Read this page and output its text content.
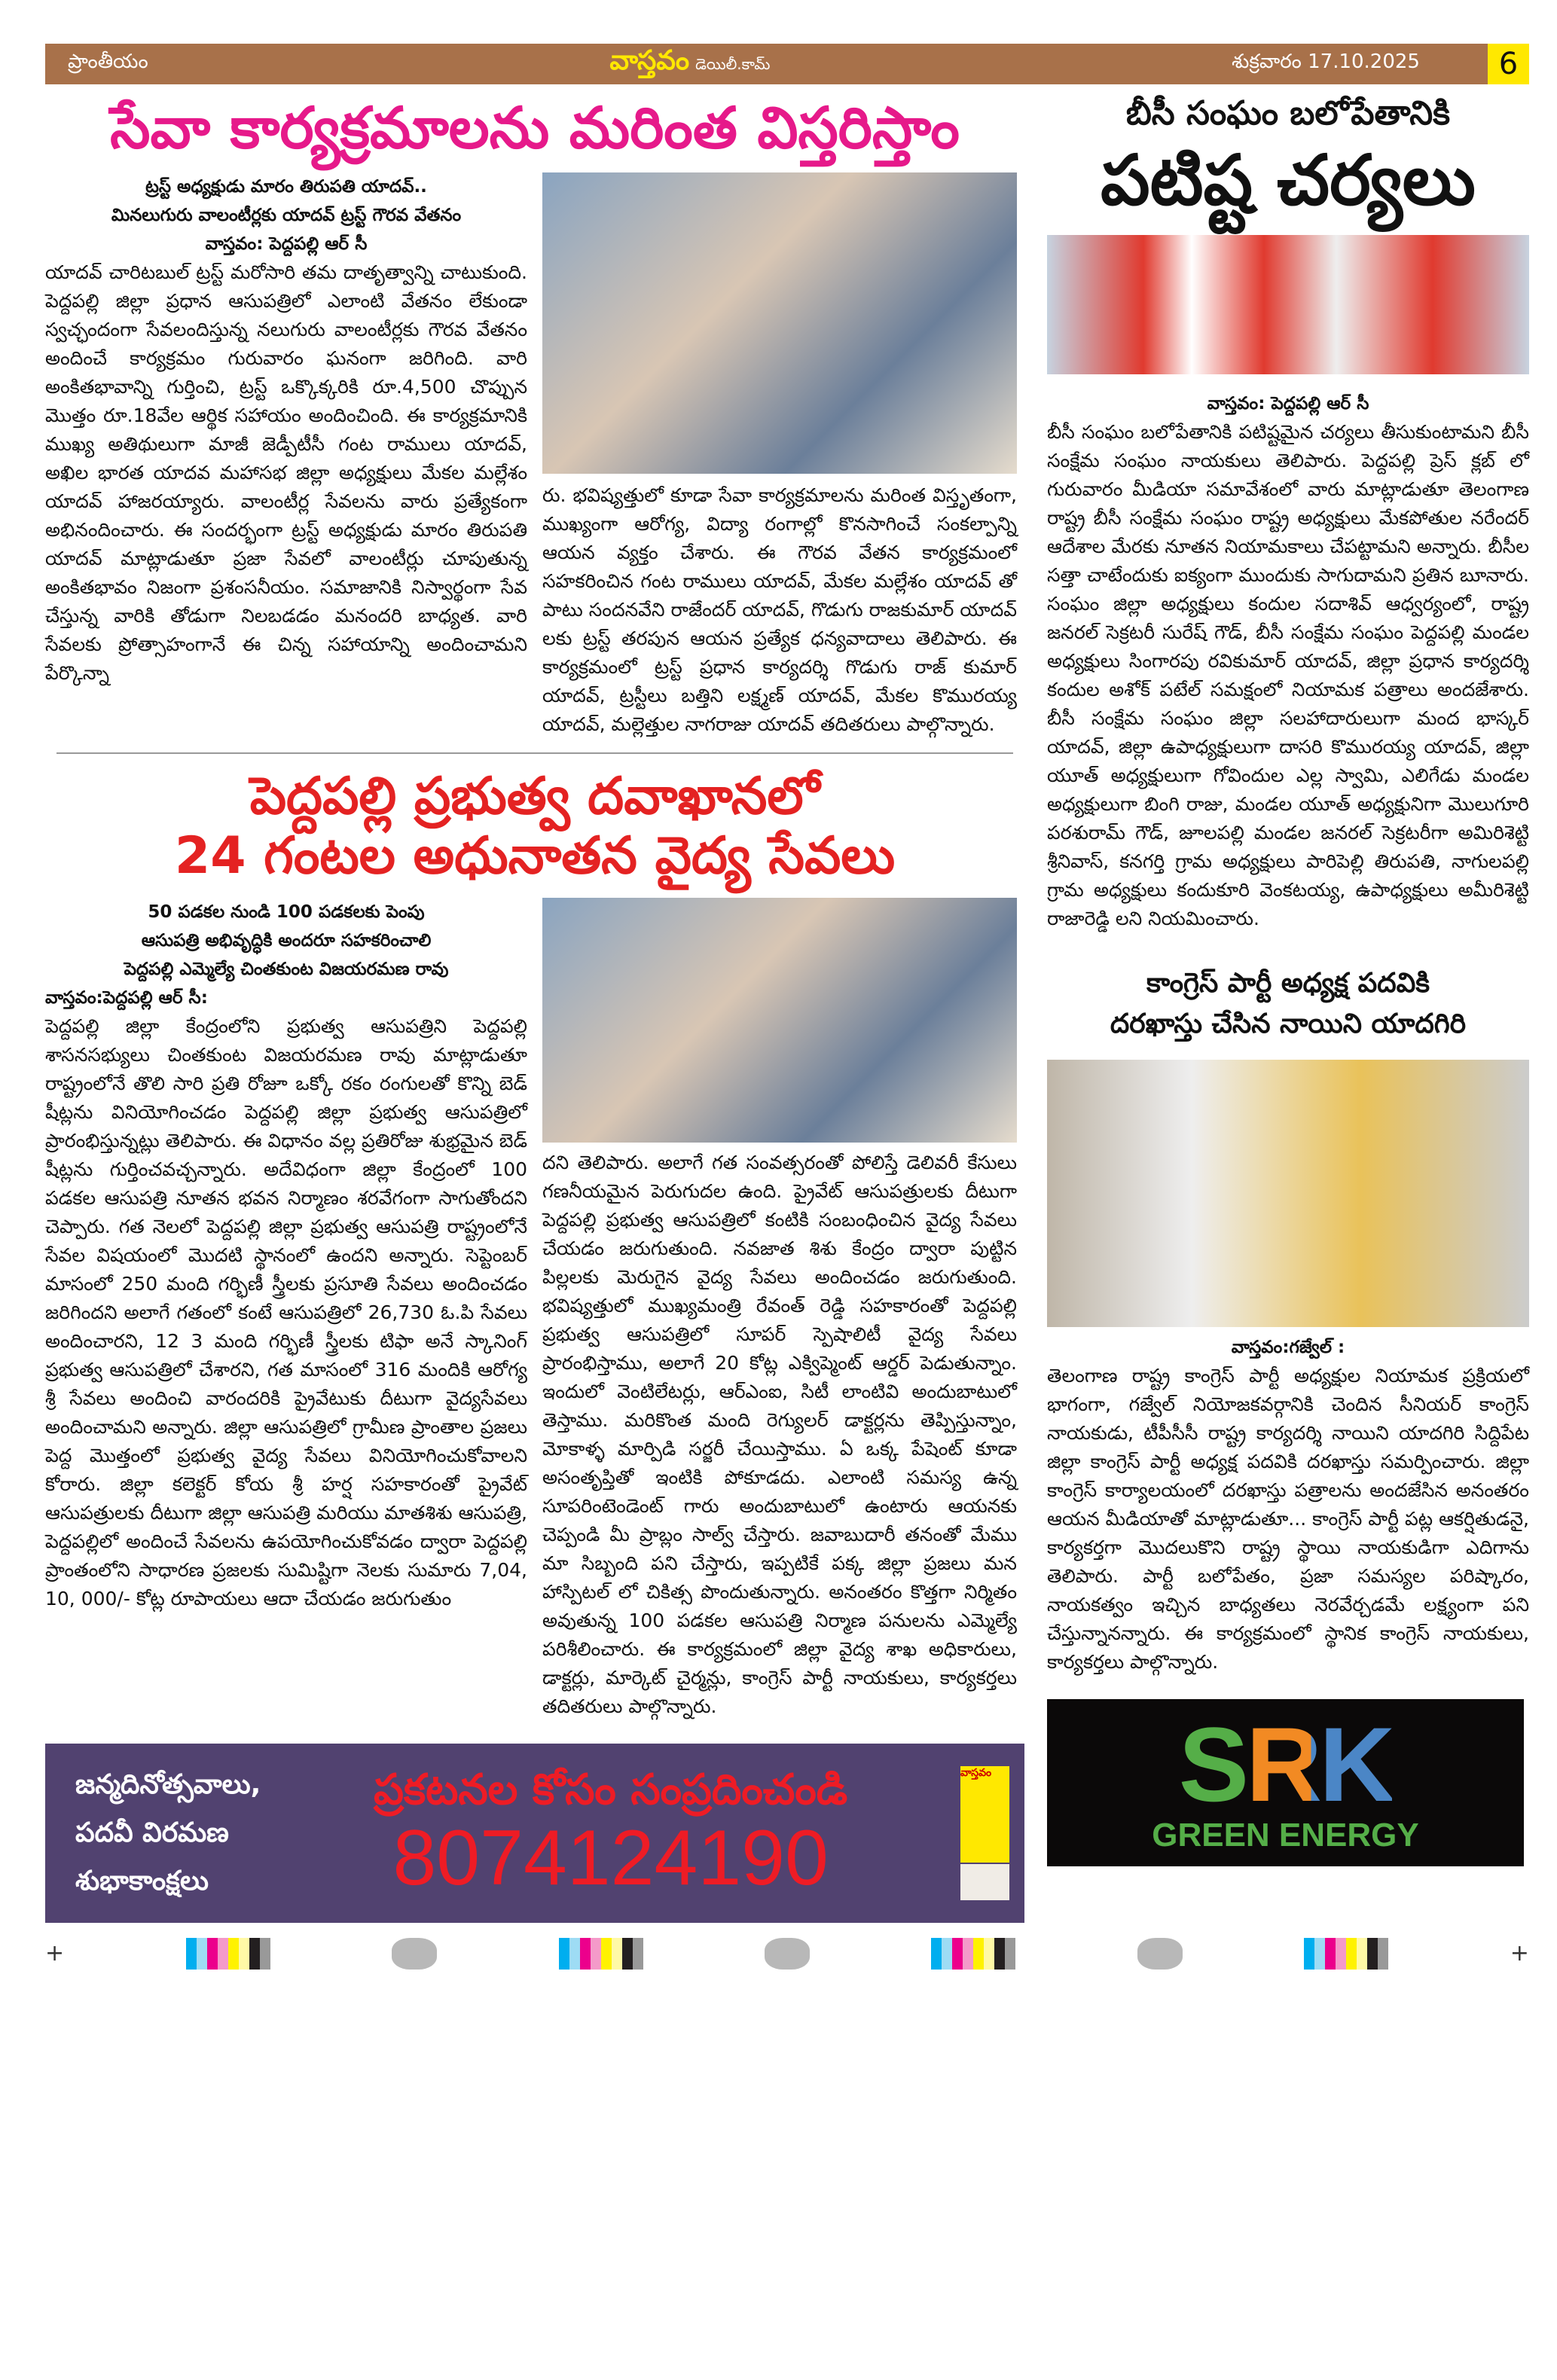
ప్రాంతీయం	వాస్తవం డెయిలీ.కామ్	శుక్రవారం 17.10.2025	6
సేవా కార్యక్రమాలను మరింత విస్తరిస్తాం
ట్రస్ట్ అధ్యక్షుడు మారం తిరుపతి యాదవ్..
మినలుగురు వాలంటీర్లకు యాదవ్ ట్రస్ట్ గౌరవ వేతనం
వాస్తవం: పెద్దపల్లి ఆర్ సీ
యాదవ్ చారిటబుల్ ట్రస్ట్ మరోసారి తమ దాతృత్వాన్ని చాటుకుంది. పెద్దపల్లి జిల్లా ప్రధాన ఆసుపత్రిలో ఎలాంటి వేతనం లేకుండా స్వచ్ఛందంగా సేవలందిస్తున్న నలుగురు వాలంటీర్లకు గౌరవ వేతనం అందించే కార్యక్రమం గురువారం ఘనంగా జరిగింది. వారి అంకితభావాన్ని గుర్తించి, ట్రస్ట్ ఒక్కొక్కరికి రూ.4,500 చొప్పున మొత్తం రూ.18వేల ఆర్థిక సహాయం అందించింది. ఈ కార్యక్రమానికి ముఖ్య అతిథులుగా మాజీ జెడ్పీటీసీ గంట రాములు యాదవ్, అఖిల భారత యాదవ మహాసభ జిల్లా అధ్యక్షులు మేకల మల్లేశం యాదవ్ హాజరయ్యారు. వాలంటీర్ల సేవలను వారు ప్రత్యేకంగా అభినందించారు. ఈ సందర్భంగా ట్రస్ట్ అధ్యక్షుడు మారం తిరుపతి యాదవ్ మాట్లాడుతూ ప్రజా సేవలో వాలంటీర్లు చూపుతున్న అంకితభావం నిజంగా ప్రశంసనీయం. సమాజానికి నిస్వార్థంగా సేవ చేస్తున్న వారికి తోడుగా నిలబడడం మనందరి బాధ్యత. వారి సేవలకు ప్రోత్సాహంగానే ఈ చిన్న సహాయాన్ని అందించామని పేర్కొన్నా
రు. భవిష్యత్తులో కూడా సేవా కార్యక్రమాలను మరింత విస్తృతంగా, ముఖ్యంగా ఆరోగ్య, విద్యా రంగాల్లో కొనసాగించే సంకల్పాన్ని ఆయన వ్యక్తం చేశారు. ఈ గౌరవ వేతన కార్యక్రమంలో సహకరించిన గంట రాములు యాదవ్, మేకల మల్లేశం యాదవ్ తో పాటు సందనవేని రాజేందర్ యాదవ్, గొడుగు రాజకుమార్ యాదవ్ లకు ట్రస్ట్ తరపున ఆయన ప్రత్యేక ధన్యవాదాలు తెలిపారు. ఈ కార్యక్రమంలో ట్రస్ట్ ప్రధాన కార్యదర్శి గొడుగు రాజ్ కుమార్ యాదవ్, ట్రస్టీలు బత్తిని లక్ష్మణ్ యాదవ్, మేకల కొమురయ్య యాదవ్, మల్లెత్తుల నాగరాజు యాదవ్ తదితరులు పాల్గొన్నారు.
పెద్దపల్లి ప్రభుత్వ దవాఖానలో
24 గంటల అధునాతన వైద్య సేవలు
50 పడకల నుండి 100 పడకలకు పెంపు
ఆసుపత్రి అభివృద్ధికి అందరూ సహకరించాలి
పెద్దపల్లి ఎమ్మెల్యే చింతకుంట విజయరమణ రావు
వాస్తవం:పెద్దపల్లి ఆర్ సీ:
పెద్దపల్లి జిల్లా కేంద్రంలోని ప్రభుత్వ ఆసుపత్రిని పెద్దపల్లి శాసనసభ్యులు చింతకుంట విజయరమణ రావు మాట్లాడుతూ రాష్ట్రంలోనే తొలి సారి ప్రతి రోజూ ఒక్కో రకం రంగులతో కొన్ని బెడ్ షీట్లను వినియోగించడం పెద్దపల్లి జిల్లా ప్రభుత్వ ఆసుపత్రిలో ప్రారంభిస్తున్నట్లు తెలిపారు. ఈ విధానం వల్ల ప్రతిరోజు శుభ్రమైన బెడ్ షీట్లను గుర్తించవచ్చన్నారు. అదేవిధంగా జిల్లా కేంద్రంలో 100 పడకల ఆసుపత్రి నూతన భవన నిర్మాణం శరవేగంగా సాగుతోందని చెప్పారు. గత నెలలో పెద్దపల్లి జిల్లా ప్రభుత్వ ఆసుపత్రి రాష్ట్రంలోనే సేవల విషయంలో మొదటి స్థానంలో ఉందని అన్నారు. సెప్టెంబర్ మాసంలో 250 మంది గర్భిణీ స్త్రీలకు ప్రసూతి సేవలు అందించడం జరిగిందని అలాగే గతంలో కంటే ఆసుపత్రిలో 26,730 ఓ.పి సేవలు అందించారని, 12 3 మంది గర్భిణీ స్త్రీలకు టిఫా అనే స్కానింగ్ ప్రభుత్వ ఆసుపత్రిలో చేశారని, గత మాసంలో 316 మందికి ఆరోగ్య శ్రీ సేవలు అందించి వారందరికి ప్రైవేటుకు దీటుగా వైద్యసేవలు అందించామని అన్నారు. జిల్లా ఆసుపత్రిలో గ్రామీణ ప్రాంతాల ప్రజలు పెద్ద మొత్తంలో ప్రభుత్వ వైద్య సేవలు వినియోగించుకోవాలని కోరారు. జిల్లా కలెక్టర్ కోయ శ్రీ హర్ష సహకారంతో ప్రైవేట్ ఆసుపత్రులకు దీటుగా జిల్లా ఆసుపత్రి మరియు మాతశిశు ఆసుపత్రి, పెద్దపల్లిలో అందించే సేవలను ఉపయోగించుకోవడం ద్వారా పెద్దపల్లి ప్రాంతంలోని సాధారణ ప్రజలకు సుమిష్టిగా నెలకు సుమారు 7,04, 10, 000/- కోట్ల రూపాయలు ఆదా చేయడం జరుగుతుం
దని తెలిపారు. అలాగే గత సంవత్సరంతో పోలిస్తే డెలివరీ కేసులు గణనీయమైన పెరుగుదల ఉంది. ప్రైవేట్ ఆసుపత్రులకు దీటుగా పెద్దపల్లి ప్రభుత్వ ఆసుపత్రిలో కంటికి సంబంధించిన వైద్య సేవలు చేయడం జరుగుతుంది. నవజాత శిశు కేంద్రం ద్వారా పుట్టిన పిల్లలకు మెరుగైన వైద్య సేవలు అందించడం జరుగుతుంది. భవిష్యత్తులో ముఖ్యమంత్రి రేవంత్ రెడ్డి సహకారంతో పెద్దపల్లి ప్రభుత్వ ఆసుపత్రిలో సూపర్ స్పెషాలిటీ వైద్య సేవలు ప్రారంభిస్తాము, అలాగే 20 కోట్ల ఎక్విప్మెంట్ ఆర్డర్ పెడుతున్నాం. ఇందులో వెంటిలేటర్లు, ఆర్ఎంఐ, సిటీ లాంటివి అందుబాటులో తెస్తాము. మరికొంత మంది రెగ్యులర్ డాక్టర్లను తెప్పిస్తున్నాం, మోకాళ్ళ మార్పిడి సర్జరీ చేయిస్తాము. ఏ ఒక్క పేషెంట్ కూడా అసంతృప్తితో ఇంటికి పోకూడదు. ఎలాంటి సమస్య ఉన్న సూపరింటెండెంట్ గారు అందుబాటులో ఉంటారు ఆయనకు చెప్పండి మీ ప్రాబ్లం సాల్వ్ చేస్తారు. జవాబుదారీ తనంతో మేము మా సిబ్బంది పని చేస్తారు, ఇప్పటికే పక్క జిల్లా ప్రజలు మన హాస్పిటల్ లో చికిత్స పొందుతున్నారు. అనంతరం కొత్తగా నిర్మితం అవుతున్న 100 పడకల ఆసుపత్రి నిర్మాణ పనులను ఎమ్మెల్యే పరిశీలించారు. ఈ కార్యక్రమంలో జిల్లా వైద్య శాఖ అధికారులు, డాక్టర్లు, మార్కెట్ చైర్మన్లు, కాంగ్రెస్ పార్టీ నాయకులు, కార్యకర్తలు తదితరులు పాల్గొన్నారు.
జన్మదినోత్సవాలు,
పదవీ విరమణ
శుభాకాంక్షలు
ప్రకటనల కోసం సంప్రదించండి
8074124190
వాస్తవం
బీసీ సంఘం బలోపేతానికి
పటిష్ట చర్యలు
వాస్తవం: పెద్దపల్లి ఆర్ సీ
బీసీ సంఘం బలోపేతానికి పటిష్టమైన చర్యలు తీసుకుంటామని బీసీ సంక్షేమ సంఘం నాయకులు తెలిపారు. పెద్దపల్లి ప్రెస్ క్లబ్ లో గురువారం మీడియా సమావేశంలో వారు మాట్లాడుతూ తెలంగాణ రాష్ట్ర బీసీ సంక్షేమ సంఘం రాష్ట్ర అధ్యక్షులు మేకపోతుల నరేందర్ ఆదేశాల మేరకు నూతన నియామకాలు చేపట్టామని అన్నారు. బీసీల సత్తా చాటేందుకు ఐక్యంగా ముందుకు సాగుదామని ప్రతిన బూనారు. సంఘం జిల్లా అధ్యక్షులు కందుల సదాశివ్ ఆధ్వర్యంలో, రాష్ట్ర జనరల్ సెక్రటరీ సురేష్ గౌడ్, బీసీ సంక్షేమ సంఘం పెద్దపల్లి మండల అధ్యక్షులు సింగారపు రవికుమార్ యాదవ్, జిల్లా ప్రధాన కార్యదర్శి కందుల అశోక్ పటేల్ సమక్షంలో నియామక పత్రాలు అందజేశారు. బీసీ సంక్షేమ సంఘం జిల్లా సలహాదారులుగా మంద భాస్కర్ యాదవ్, జిల్లా ఉపాధ్యక్షులుగా దాసరి కొమురయ్య యాదవ్, జిల్లా యూత్ అధ్యక్షులుగా గోవిందుల ఎల్ల స్వామి, ఎలిగేడు మండల అధ్యక్షులుగా బింగి రాజు, మండల యూత్ అధ్యక్షునిగా మొలుగూరి పరశురామ్ గౌడ్, జూలపల్లి మండల జనరల్ సెక్రటరీగా అమిరిశెట్టి శ్రీనివాస్, కనగర్తి గ్రామ అధ్యక్షులు పారిపెల్లి తిరుపతి, నాగులపల్లి గ్రామ అధ్యక్షులు కందుకూరి వెంకటయ్య, ఉపాధ్యక్షులు అమీరిశెట్టి రాజారెడ్డి లని నియమించారు.
కాంగ్రెస్ పార్టీ అధ్యక్ష పదవికి
దరఖాస్తు చేసిన నాయిని యాదగిరి
వాస్తవం:గజ్వేల్ :
తెలంగాణ రాష్ట్ర కాంగ్రెస్ పార్టీ అధ్యక్షుల నియామక ప్రక్రియలో భాగంగా, గజ్వేల్ నియోజకవర్గానికి చెందిన సీనియర్ కాంగ్రెస్ నాయకుడు, టీపీసీసీ రాష్ట్ర కార్యదర్శి నాయిని యాదగిరి సిద్దిపేట జిల్లా కాంగ్రెస్ పార్టీ అధ్యక్ష పదవికి దరఖాస్తు సమర్పించారు. జిల్లా కాంగ్రెస్ కార్యాలయంలో దరఖాస్తు పత్రాలను అందజేసిన అనంతరం ఆయన మీడియాతో మాట్లాడుతూ... కాంగ్రెస్ పార్టీ పట్ల ఆకర్షితుడనై, కార్యకర్తగా మొదలుకొని రాష్ట్ర స్థాయి నాయకుడిగా ఎదిగాను తెలిపారు. పార్టీ బలోపేతం, ప్రజా సమస్యల పరిష్కారం, నాయకత్వం ఇచ్చిన బాధ్యతలు నెరవేర్చడమే లక్ష్యంగా పని చేస్తున్నానన్నారు. ఈ కార్యక్రమంలో స్థానిక కాంగ్రెస్ నాయకులు, కార్యకర్తలు పాల్గొన్నారు.
SRK
GREEN ENERGY
+	+
